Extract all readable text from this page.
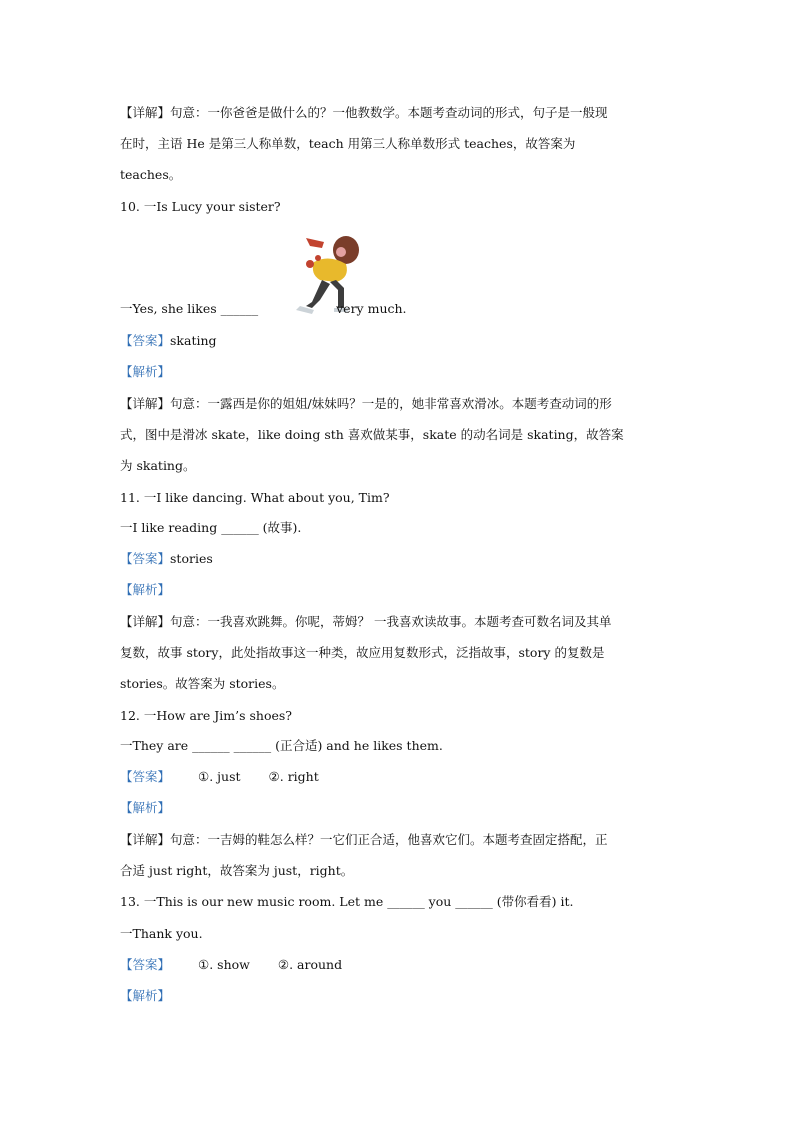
【详解】句意：一你爸爸是做什么的？一他教数学。本题考查动词的形式，句子是一般现
在时，主语 He 是第三人称单数，teach 用第三人称单数形式 teaches，故答案为
teaches。
10. 一Is Lucy your sister?
一Yes, she likes ______	very much.
【答案】skating
【解析】
【详解】句意：一露西是你的姐姐/妹妹吗？一是的，她非常喜欢滑冰。本题考查动词的形
式，图中是滑冰 skate，like doing sth 喜欢做某事，skate 的动名词是 skating，故答案
为 skating。
11. 一I like dancing. What about you, Tim?
一I like reading ______ (故事).
【答案】stories
【解析】
【详解】句意：一我喜欢跳舞。你呢，蒂姆？ 一我喜欢读故事。本题考查可数名词及其单
复数，故事 story，此处指故事这一种类，故应用复数形式，泛指故事，story 的复数是
stories。故答案为 stories。
12. 一How are Jim’s shoes?
一They are ______ ______ (正合适) and he likes them.
【答案】 ①. just ②. right
【解析】
【详解】句意：一吉姆的鞋怎么样？一它们正合适，他喜欢它们。本题考查固定搭配，正
合适 just right，故答案为 just，right。
13. 一This is our new music room. Let me ______ you ______ (带你看看) it.
一Thank you.
【答案】 ①. show ②. around
【解析】
